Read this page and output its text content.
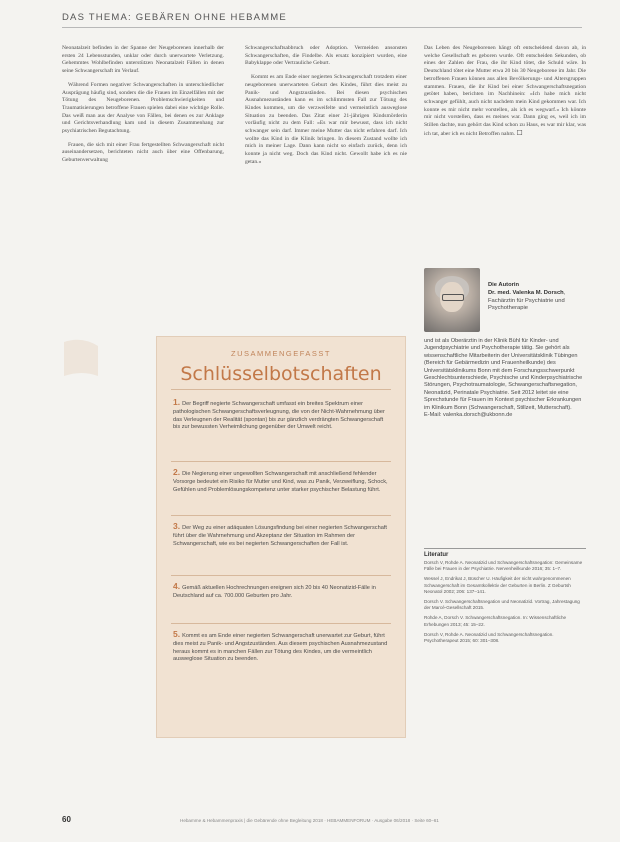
DAS THEMA: GEBÄREN OHNE HEBAMME

Neonatalzeit befinden in der Spanne der Neugeborenen innerhalb der ersten 24 Lebensstunden, unklar oder durch unerwartete Verletzung. Gehemmtes Wohlbefinden unterstützen Neonatalzeit Fällen in denen seine Schwangerschaft im Verlauf.

Während Formen negativer Schwangerschaften in unterschiedlicher Ausprägung häufig sind, sonders die die Frauen im Einzelfällen mit der Tötung des Neugeborenen. Problemschwierigkeiten und Traumatisierungen betroffene Frauen spielen dabei eine wichtige Rolle. Das weiß man aus der Analyse von Fällen, bei denen es zur Anklage und Gerichtsverhandlung kam und in diesem Zusammenhang zur psychiatrischen Begutachtung.

Frauen, die sich mit einer Frau fertgestellten Schwangerschaft nicht auseinandersetzen, berichteten nicht auch über eine Offenbarung, Geburtenverwaltung

Schwangerschaftsabbruch oder Adoption. Vermeiden ansonsten Schwangerschaften, die Findelbe. Als ersatz konzipiert wurden, eine Babyklappe oder Vertrauliche Geburt.

Kommt es am Ende einer negierten Schwangerschaft trotzdem einer neugeborenen unerwarteten Geburt des Kindes, führt dies meist zu Panik- und Angstzuständen. Bei diesen psychischen Ausnahmezuständen kann es im schlimmsten Fall zur Tötung des Kindes kommen, um die verzweifelte und vermeintlich ausweglose Situation zu beenden. Das Zitat einer 21-jährigen Kindsmörderin vorläufig nicht zu dem Fall: »Es war mir bewusst, dass ich nicht schwanger sein darf. Immer meine Mutter das nicht erfahren darf. Ich wollte das Kind in die Klinik bringen. In diesem Zustand wollte ich mich in meiner Lage. Dann kann nicht so einfach zurück, denn ich konnte ja nicht weg. Doch das Kind nicht. Gewollt habe ich es nie getan.«

Das Leben des Neugeborenen hängt oft entscheidend davon ab, in welche Gesellschaft es geboren wurde. Oft entscheiden Sekunden, ob eines der Zahlen der Frau, die ihr Kind tötet, die Schuld wäre. In Deutschland tötet eine Mutter etwa 20 bis 30 Neugeborene im Jahr. Die betroffenen Frauen können aus allen Bevölkerungs- und Altersgruppen stammen. Frauen, die ihr Kind bei einer Schwangerschaftsnegation getötet haben, berichten im Nachhinein: »Ich habe mich nicht schwanger gefühlt, auch nicht nachdem mein Kind gekommen war. Ich konnte es mir nicht mehr vorstellen, als ich es wegwarf.« Ich könnte mir nicht vorstellen, dass es meines war. Dann ging es, weil ich im Stillen dachte, nun gehört das Kind schon zu Haus, es war mir klar, was ich tat, aber ich es nicht Betroffen nahm. ☐

Die Autorin
Dr. med. Valenka M. Dorsch, Fachärztin für Psychiatrie und Psychotherapie
und ist als Oberärztin in der Klinik Bühl für Kinder- und Jugendpsychiatrie und Psychotherapie tätig. Sie gehört als wissenschaftliche Mitarbeiterin der Universitätsklinik Tübingen (Bereich für Gebärmedizin und Frauenheilkunde) des Universitätsklinikums Bonn mit dem Forschungsschwerpunkt Geschlechtsunterschiede, Psychische und Kinderpsychiatrische Störungen, Psychotraumatologie, Schwangerschaftsnegation, Neonatizid, Perinatale Psychiatrie. Seit 2012 leitet sie eine Sprechstunde für Frauen im Kontext psychischer Erkrankungen im Klinikum Bonn (Schwangerschaft, Stillzeit, Mutterschaft).
E-Mail: valenka.dorsch@ukbonn.de
Literatur
Dorsch V, Rohde A. Neonatizid und Schwangerschaftsnegation: Gemeinsame Fälle bei Frauen in der Psychiatrie. Nervenheilkunde 2016; 35: 1–7.
Wessel J, Endrikat J, Büscher U. Häufigkeit der nicht wahrgenommenen Schwangerschaft im Gesamtkollektiv der Geburten in Berlin. Z Geburtsh Neonatol 2002; 206: 137–141.
Dorsch V. Schwangerschaftsnegation und Neonatizid. Vortrag, Jahrestagung der Marcé-Gesellschaft 2015.
Rohde A, Dorsch V. Schwangerschaftsnegation. In: Wissenschaftliche Erhebungen 2013; 45: 15–22.
Dorsch V, Rohde A. Neonatizid und Schwangerschaftsnegation. Psychotherapeut 2015; 60: 301–308.
ZUSAMMENGEFASST
Schlüsselbotschaften
1. Der Begriff negierte Schwangerschaft umfasst ein breites Spektrum einer pathologischen Schwangerschaftsverleugnung, die von der Nicht-Wahrnehmung über das Verleugnen der Realität (spontan) bis zur gänzlich verdrängten Schwangerschaft bis zur bewussten Verheimlichung gegenüber der Umwelt reicht.
2. Die Negierung einer ungewollten Schwangerschaft mit anschließend fehlender Vorsorge bedeutet ein Risiko für Mutter und Kind, was zu Panik, Verzweiflung, Schock, Gefühlen und Problemlösungskompetenz unter starker psychischer Belastung führt.
3. Der Weg zu einer adäquaten Lösungsfindung bei einer negierten Schwangerschaft führt über die Wahrnehmung und Akzeptanz der Situation im Rahmen der Schwangerschaft, wie es bei negierten Schwangerschaften der Fall ist.
4. Gemäß aktuellen Hochrechnungen ereignen sich 20 bis 40 Neonatizid-Fälle in Deutschland auf ca. 700.000 Geburten pro Jahr.
5. Kommt es am Ende einer negierten Schwangerschaft unerwartet zur Geburt, führt dies meist zu Panik- und Angstzuständen. Aus diesem psychischen Ausnahmezustand heraus kommt es in manchen Fällen zur Tötung des Kindes, um die vermeintlich ausweglose Situation zu beenden.
60	Hebamme & Hebammenpraxis | die Gebärende ohne Begleitung 2018 · HEBAMMENFORUM · Ausgabe 06/2018 · Seite 60–61
